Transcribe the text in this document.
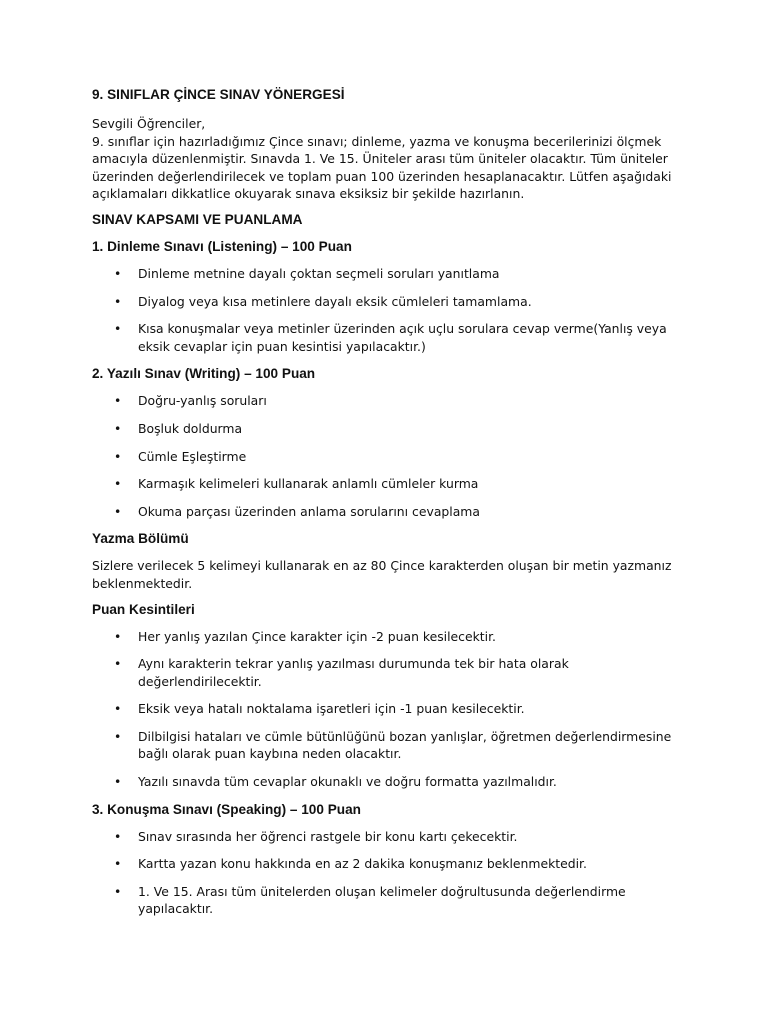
9. SINIFLAR ÇİNCE SINAV YÖNERGESİ
Sevgili Öğrenciler,
9. sınıflar için hazırladığımız Çince sınavı; dinleme, yazma ve konuşma becerilerinizi ölçmek amacıyla düzenlenmiştir. Sınavda 1. Ve 15. Üniteler arası tüm üniteler olacaktır. Tüm üniteler üzerinden değerlendirilecek ve toplam puan 100 üzerinden hesaplanacaktır. Lütfen aşağıdaki açıklamaları dikkatlice okuyarak sınava eksiksiz bir şekilde hazırlanın.
SINAV KAPSAMI VE PUANLAMA
1. Dinleme Sınavı (Listening) – 100 Puan
• Dinleme metnine dayalı çoktan seçmeli soruları yanıtlama
• Diyalog veya kısa metinlere dayalı eksik cümleleri tamamlama.
• Kısa konuşmalar veya metinler üzerinden açık uçlu sorulara cevap verme(Yanlış veya eksik cevaplar için puan kesintisi yapılacaktır.)
2. Yazılı Sınav (Writing) – 100 Puan
• Doğru-yanlış soruları
• Boşluk doldurma
• Cümle Eşleştirme
• Karmaşık kelimeleri kullanarak anlamlı cümleler kurma
• Okuma parçası üzerinden anlama sorularını cevaplama
Yazma Bölümü
Sizlere verilecek 5 kelimeyi kullanarak en az 80 Çince karakterden oluşan bir metin yazmanız beklenmektedir.
Puan Kesintileri
• Her yanlış yazılan Çince karakter için -2 puan kesilecektir.
• Aynı karakterin tekrar yanlış yazılması durumunda tek bir hata olarak değerlendirilecektir.
• Eksik veya hatalı noktalama işaretleri için -1 puan kesilecektir.
• Dilbilgisi hataları ve cümle bütünlüğünü bozan yanlışlar, öğretmen değerlendirmesine bağlı olarak puan kaybına neden olacaktır.
• Yazılı sınavda tüm cevaplar okunaklı ve doğru formatta yazılmalıdır.
3. Konuşma Sınavı (Speaking) – 100 Puan
• Sınav sırasında her öğrenci rastgele bir konu kartı çekecektir.
• Kartta yazan konu hakkında en az 2 dakika konuşmanız beklenmektedir.
• 1. Ve 15. Arası tüm ünitelerden oluşan kelimeler doğrultusunda değerlendirme yapılacaktır.
